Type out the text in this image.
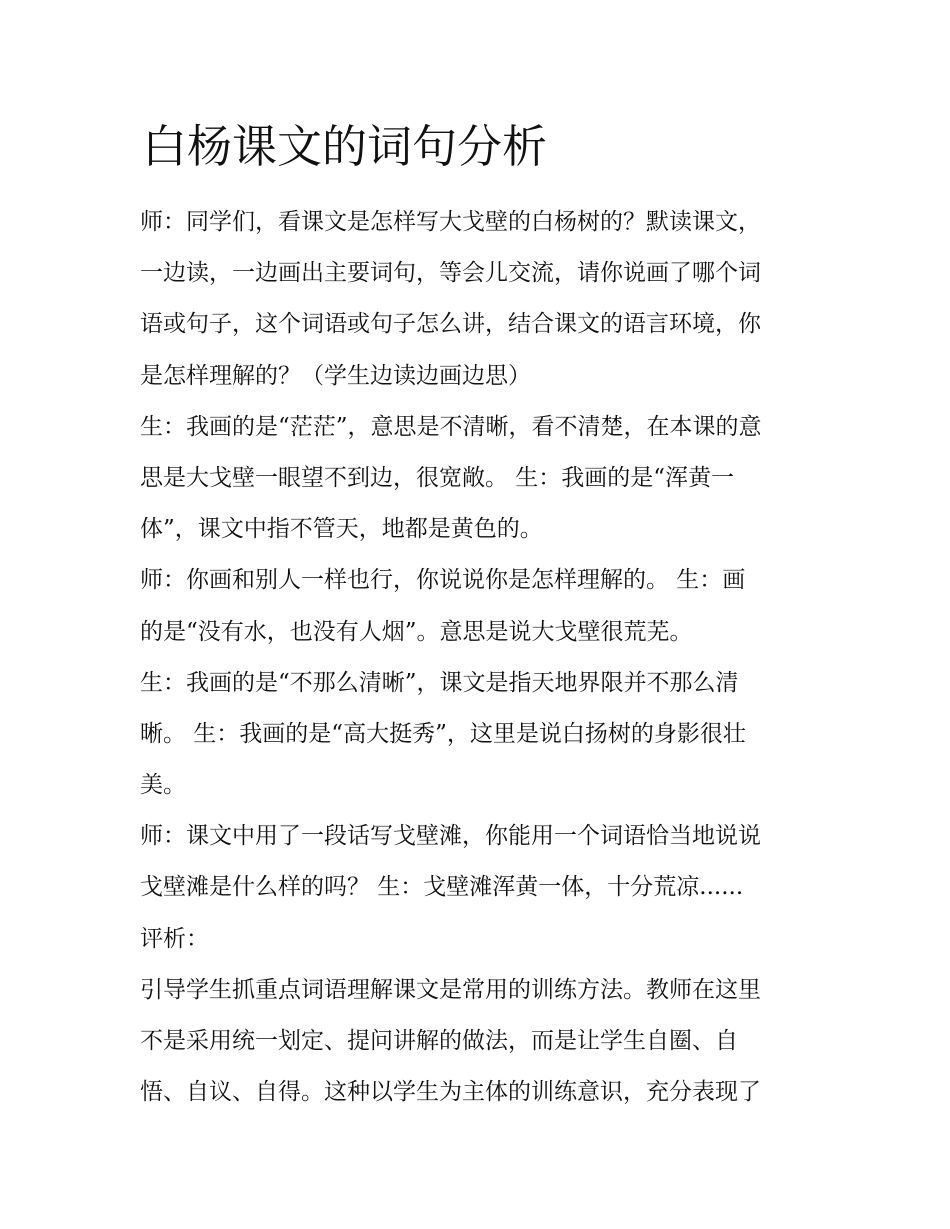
白杨课文的词句分析

师：同学们，看课文是怎样写大戈壁的白杨树的？默读课文，
一边读，一边画出主要词句，等会儿交流，请你说画了哪个词
语或句子，这个词语或句子怎么讲，结合课文的语言环境，你
是怎样理解的？（学生边读边画边思）

生：我画的是“茫茫”，意思是不清晰，看不清楚，在本课的意
思是大戈壁一眼望不到边，很宽敞。 生：我画的是“浑黄一
体”，课文中指不管天，地都是黄色的。

师：你画和别人一样也行，你说说你是怎样理解的。 生：画
的是“没有水，也没有人烟”。意思是说大戈壁很荒芜。

生：我画的是“不那么清晰”，课文是指天地界限并不那么清
晰。 生：我画的是“高大挺秀”，这里是说白扬树的身影很壮
美。

师：课文中用了一段话写戈壁滩，你能用一个词语恰当地说说
戈壁滩是什么样的吗？ 生：戈壁滩浑黄一体，十分荒凉......

评析：

引导学生抓重点词语理解课文是常用的训练方法。教师在这里
不是采用统一划定、提问讲解的做法，而是让学生自圈、自
悟、自议、自得。这种以学生为主体的训练意识，充分表现了
